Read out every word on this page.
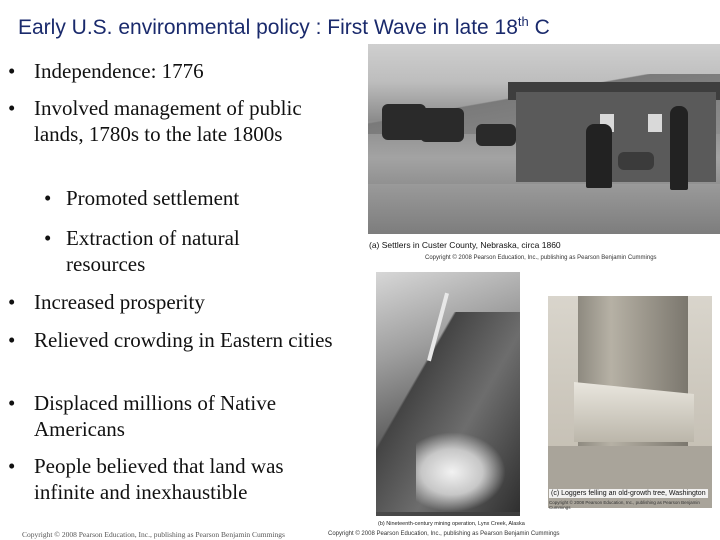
Early U.S. environmental policy : First Wave in late 18th C
• Independence: 1776
• Involved management of public lands, 1780s to the late 1800s
• Promoted settlement
• Extraction of natural resources
• Increased prosperity
• Relieved crowding in Eastern cities
• Displaced millions of Native Americans
• People believed that land was infinite and inexhaustible
(a) Settlers in Custer County, Nebraska, circa 1860
Copyright © 2008 Pearson Education, Inc., publishing as Pearson Benjamin Cummings
(c) Loggers felling an old-growth tree, Washington
Copyright © 2008 Pearson Education, Inc., publishing as Pearson Benjamin Cummings
(b) Nineteenth-century mining operation, Lynx Creek, Alaska
Copyright © 2008 Pearson Education, Inc., publishing as Pearson Benjamin Cummings	Copyright © 2008 Pearson Education, Inc., publishing as Pearson Benjamin Cummings
